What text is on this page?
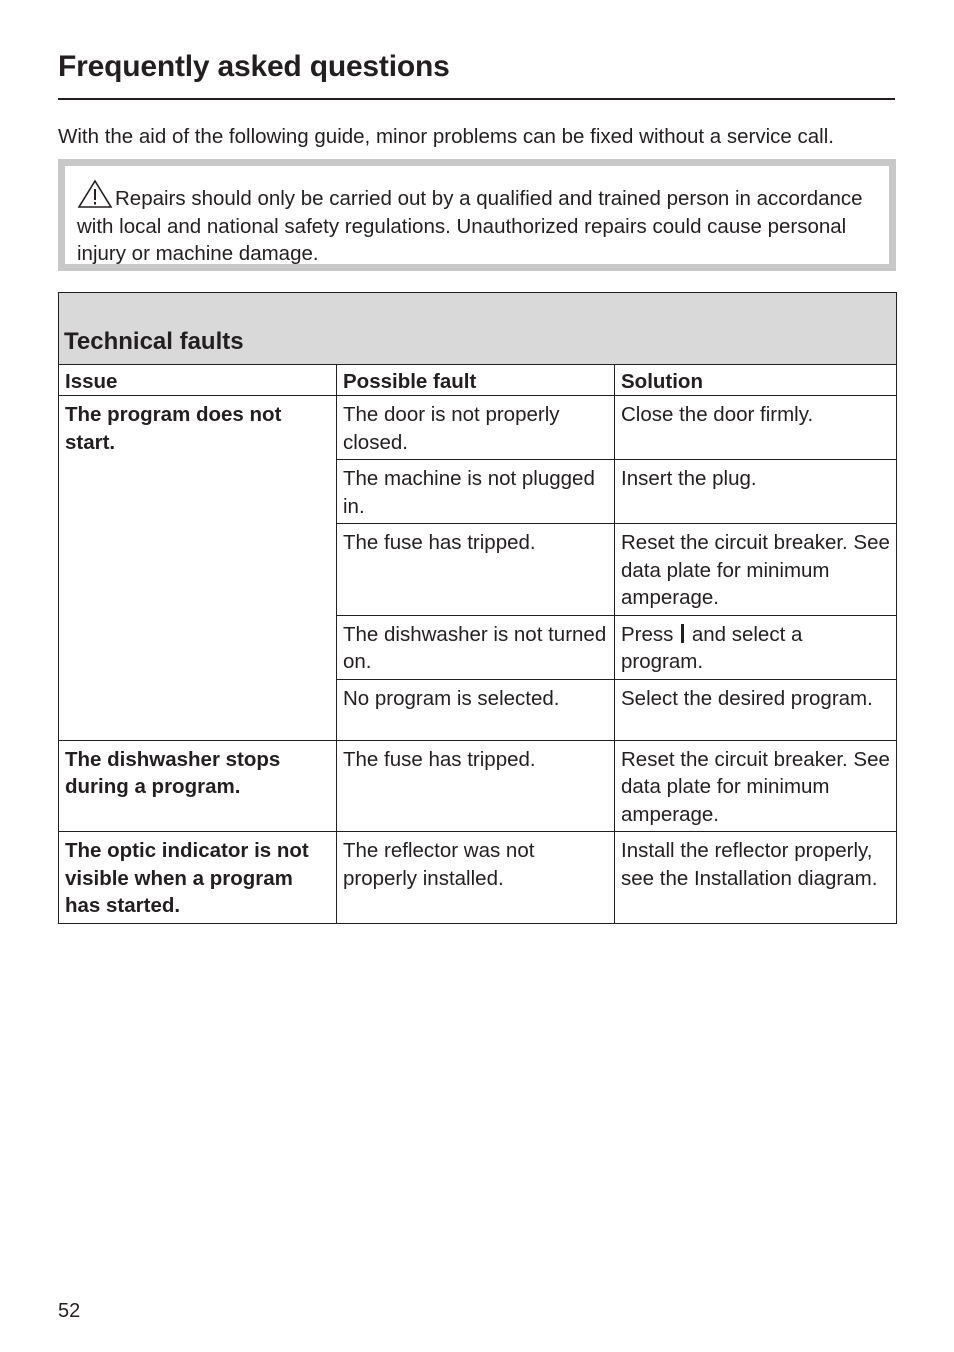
Frequently asked questions

With the aid of the following guide, minor problems can be fixed without a service call.

Repairs should only be carried out by a qualified and trained person in accordance with local and national safety regulations. Unauthorized repairs could cause personal injury or machine damage.
Technical faults		
Issue	Possible fault	Solution
The program does not start.	The door is not properly closed.	Close the door firmly.
	The machine is not plugged in.	Insert the plug.
	The fuse has tripped.	Reset the circuit breaker. See data plate for minimum amperage.
	The dishwasher is not turned on.	Press and select a program.
	No program is selected.	Select the desired program.
The dishwasher stops during a program.	The fuse has tripped.	Reset the circuit breaker. See data plate for minimum amperage.
The optic indicator is not visible when a program has started.	The reflector was not properly installed.	Install the reflector properly, see the Installation diagram.

52
